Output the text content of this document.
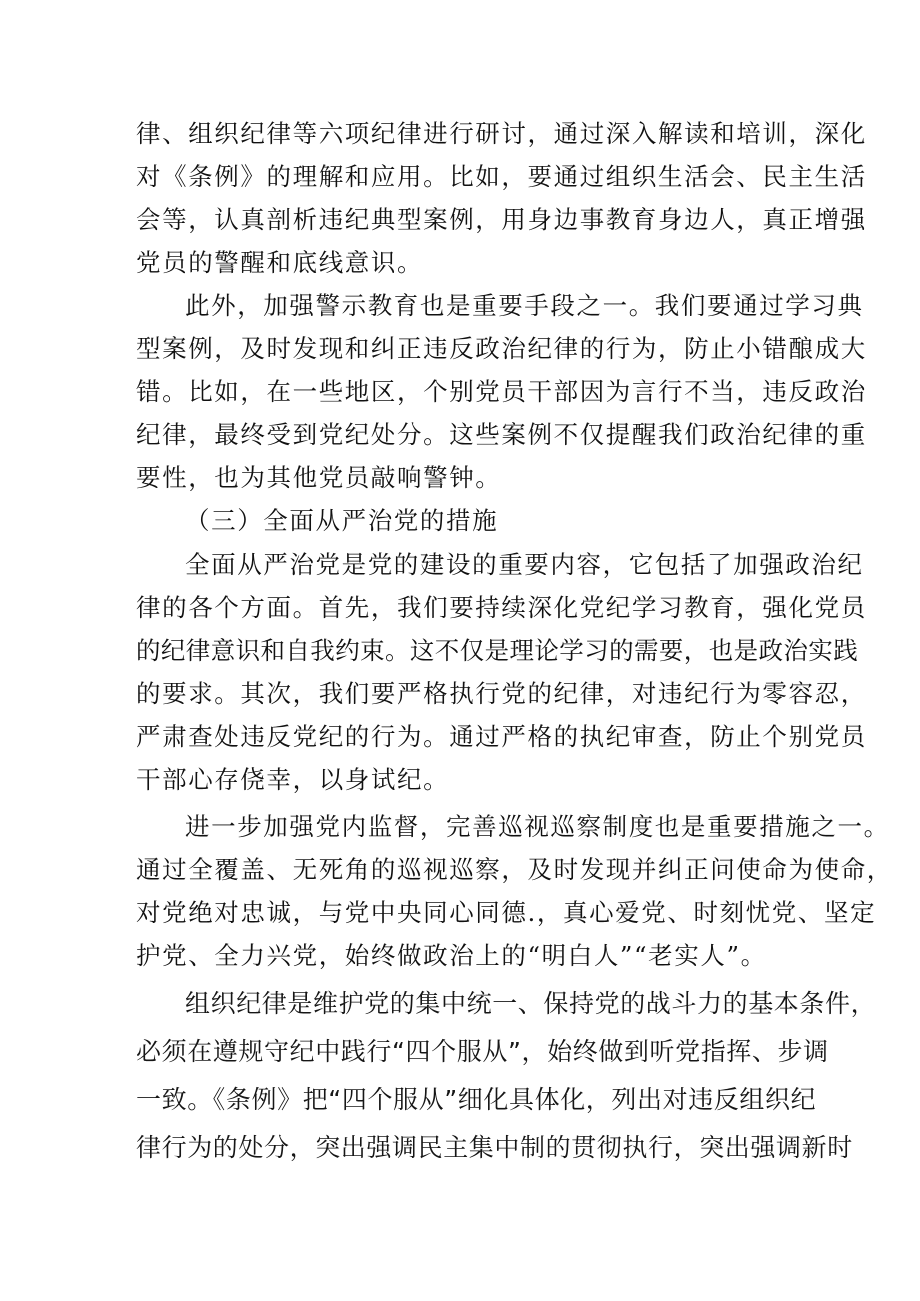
律、组织纪律等六项纪律进行研讨，通过深入解读和培训，深化
对《条例》的理解和应用。比如，要通过组织生活会、民主生活
会等，认真剖析违纪典型案例，用身边事教育身边人，真正增强
党员的警醒和底线意识。
此外，加强警示教育也是重要手段之一。我们要通过学习典
型案例，及时发现和纠正违反政治纪律的行为，防止小错酿成大
错。比如，在一些地区，个别党员干部因为言行不当，违反政治
纪律，最终受到党纪处分。这些案例不仅提醒我们政治纪律的重
要性，也为其他党员敲响警钟。
（三）全面从严治党的措施
全面从严治党是党的建设的重要内容，它包括了加强政治纪
律的各个方面。首先，我们要持续深化党纪学习教育，强化党员
的纪律意识和自我约束。这不仅是理论学习的需要，也是政治实践
的要求。其次，我们要严格执行党的纪律，对违纪行为零容忍，
严肃查处违反党纪的行为。通过严格的执纪审查，防止个别党员
干部心存侥幸，以身试纪。
进一步加强党内监督，完善巡视巡察制度也是重要措施之一。
通过全覆盖、无死角的巡视巡察，及时发现并纠正问使命为使命，
对党绝对忠诚，与党中央同心同德.，真心爱党、时刻忧党、坚定
护党、全力兴党，始终做政治上的“明白人”“老实人”。
组织纪律是维护党的集中统一、保持党的战斗力的基本条件，
必须在遵规守纪中践行“四个服从”，始终做到听党指挥、步调
一致。《条例》把“四个服从”细化具体化，列出对违反组织纪
律行为的处分，突出强调民主集中制的贯彻执行，突出强调新时
